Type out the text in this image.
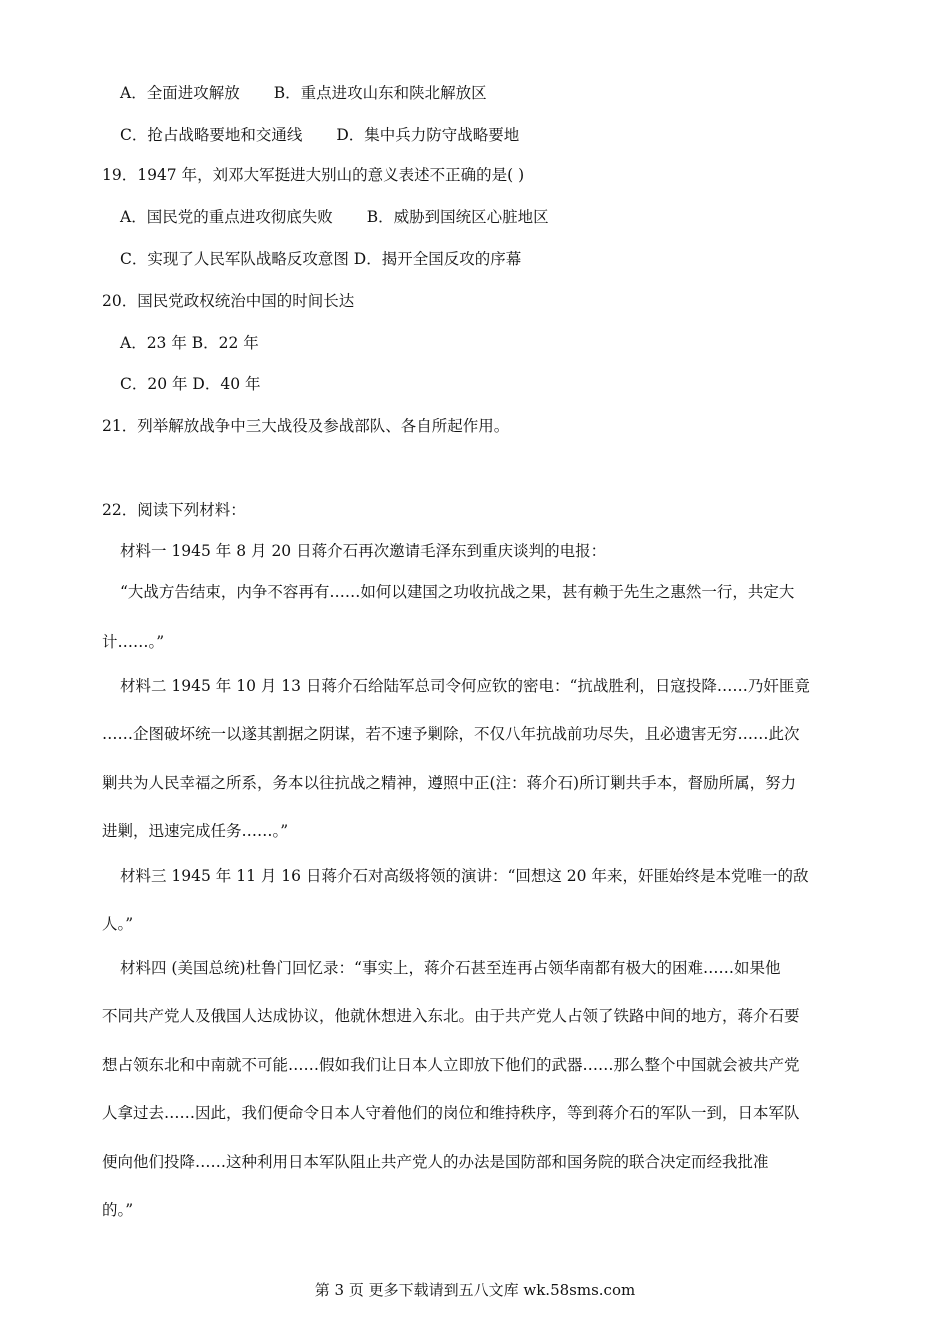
A．全面进攻解放 B．重点进攻山东和陕北解放区
C．抢占战略要地和交通线 D．集中兵力防守战略要地
19．1947 年，刘邓大军挺进大别山的意义表述不正确的是( )
A．国民党的重点进攻彻底失败 B．威胁到国统区心脏地区
C．实现了人民军队战略反攻意图 D．揭开全国反攻的序幕
20．国民党政权统治中国的时间长达
A．23 年 B．22 年
C．20 年 D．40 年
21．列举解放战争中三大战役及参战部队、各自所起作用。
22．阅读下列材料：
材料一 1945 年 8 月 20 日蒋介石再次邀请毛泽东到重庆谈判的电报：
“大战方告结束，内争不容再有……如何以建国之功收抗战之果，甚有赖于先生之惠然一行，共定大
计……。”
材料二 1945 年 10 月 13 日蒋介石给陆军总司令何应钦的密电：“抗战胜利，日寇投降……乃奸匪竟
……企图破坏统一以遂其割据之阴谋，若不速予剿除，不仅八年抗战前功尽失，且必遗害无穷……此次
剿共为人民幸福之所系，务本以往抗战之精神，遵照中正(注：蒋介石)所订剿共手本，督励所属，努力
进剿，迅速完成任务……。”
材料三 1945 年 11 月 16 日蒋介石对高级将领的演讲：“回想这 20 年来，奸匪始终是本党唯一的敌
人。”
材料四 (美国总统)杜鲁门回忆录：“事实上，蒋介石甚至连再占领华南都有极大的困难……如果他
不同共产党人及俄国人达成协议，他就休想进入东北。由于共产党人占领了铁路中间的地方，蒋介石要
想占领东北和中南就不可能……假如我们让日本人立即放下他们的武器……那么整个中国就会被共产党
人拿过去……因此，我们便命令日本人守着他们的岗位和维持秩序，等到蒋介石的军队一到，日本军队
便向他们投降……这种利用日本军队阻止共产党人的办法是国防部和国务院的联合决定而经我批准
的。”
第 3 页 更多下载请到五八文库 wk.58sms.com
